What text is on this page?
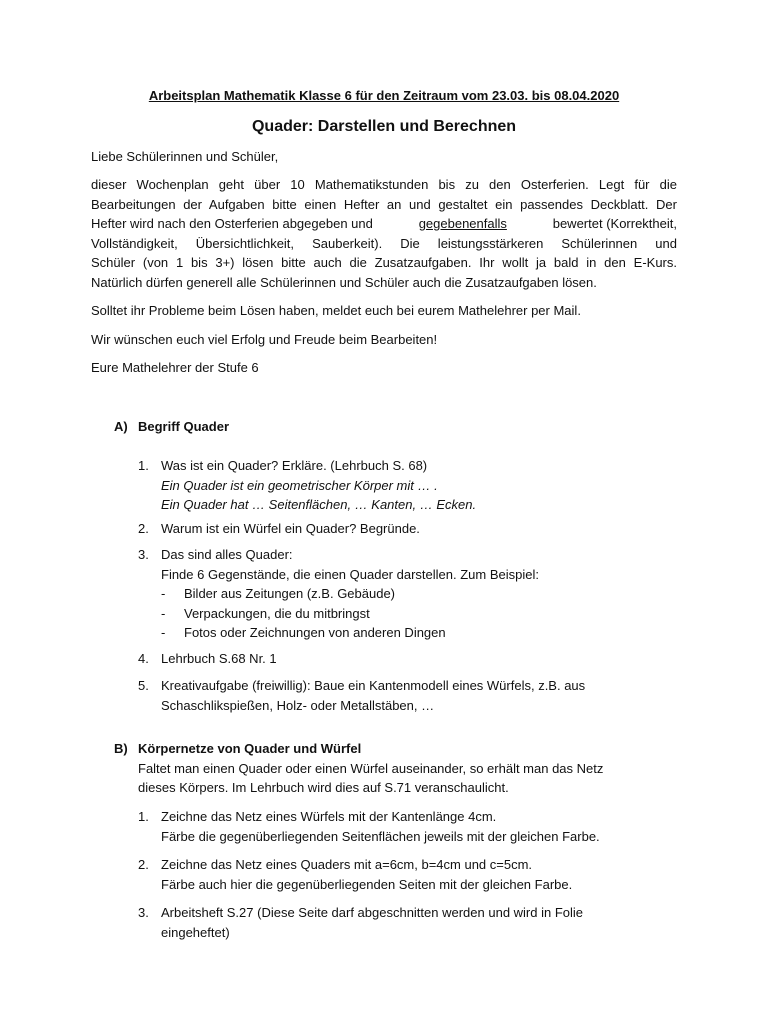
Arbeitsplan Mathematik Klasse 6 für den Zeitraum vom 23.03. bis 08.04.2020
Quader: Darstellen und Berechnen
Liebe Schülerinnen und Schüler,
dieser Wochenplan geht über 10 Mathematikstunden bis zu den Osterferien. Legt für die
Bearbeitungen der Aufgaben bitte einen Hefter an und gestaltet ein passendes Deckblatt. Der
Hefter wird nach den Osterferien abgegeben und	gegebenenfalls	bewertet (Korrektheit,
Vollständigkeit, Übersichtlichkeit, Sauberkeit). Die leistungsstärkeren Schülerinnen und
Schüler (von 1 bis 3+) lösen bitte auch die Zusatzaufgaben. Ihr wollt ja bald in den E-Kurs.
Natürlich dürfen generell alle Schülerinnen und Schüler auch die Zusatzaufgaben lösen.
Solltet ihr Probleme beim Lösen haben, meldet euch bei eurem Mathelehrer per Mail.
Wir wünschen euch viel Erfolg und Freude beim Bearbeiten!
Eure Mathelehrer der Stufe 6
A) Begriff Quader
1. Was ist ein Quader? Erkläre. (Lehrbuch S. 68)
Ein Quader ist ein geometrischer Körper mit … .
Ein Quader hat … Seitenflächen, … Kanten, … Ecken.
2. Warum ist ein Würfel ein Quader? Begründe.
3. Das sind alles Quader:
Finde 6 Gegenstände, die einen Quader darstellen. Zum Beispiel:
-	Bilder aus Zeitungen (z.B. Gebäude)
-	Verpackungen, die du mitbringst
-	Fotos oder Zeichnungen von anderen Dingen
4. Lehrbuch S.68 Nr. 1
5. Kreativaufgabe (freiwillig): Baue ein Kantenmodell eines Würfels, z.B. aus
Schaschlikspießen, Holz- oder Metallstäben, …
B) Körpernetze von Quader und Würfel
Faltet man einen Quader oder einen Würfel auseinander, so erhält man das Netz
dieses Körpers. Im Lehrbuch wird dies auf S.71 veranschaulicht.
1. Zeichne das Netz eines Würfels mit der Kantenlänge 4cm.
Färbe die gegenüberliegenden Seitenflächen jeweils mit der gleichen Farbe.
2. Zeichne das Netz eines Quaders mit a=6cm, b=4cm und c=5cm.
Färbe auch hier die gegenüberliegenden Seiten mit der gleichen Farbe.
3. Arbeitsheft S.27 (Diese Seite darf abgeschnitten werden und wird in Folie
eingeheftet)
